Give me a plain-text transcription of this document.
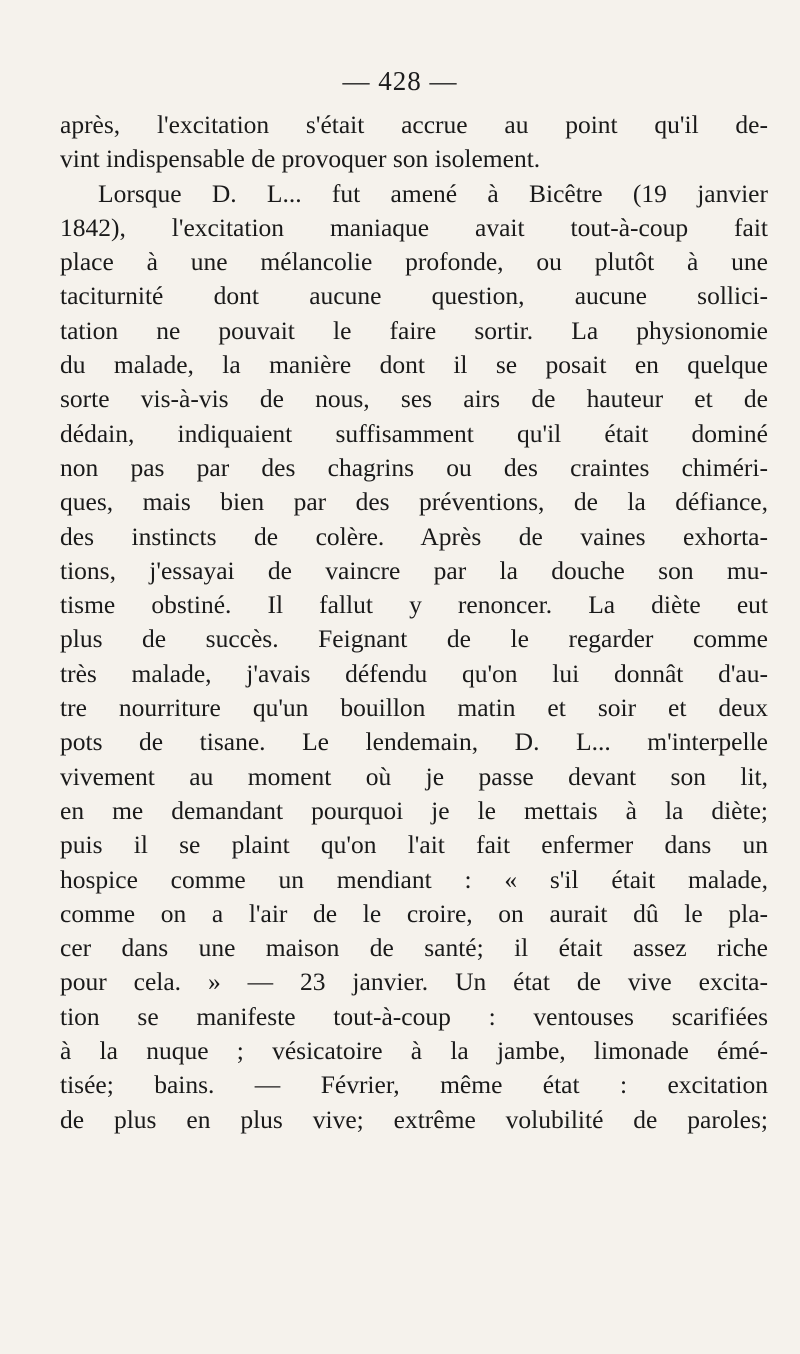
— 428 —
après, l'excitation s'était accrue au point qu'il de-
vint indispensable de provoquer son isolement.
Lorsque D. L... fut amené à Bicêtre (19 janvier
1842), l'excitation maniaque avait tout-à-coup fait
place à une mélancolie profonde, ou plutôt à une
taciturnité dont aucune question, aucune sollici-
tation ne pouvait le faire sortir. La physionomie
du malade, la manière dont il se posait en quelque
sorte vis-à-vis de nous, ses airs de hauteur et de
dédain, indiquaient suffisamment qu'il était dominé
non pas par des chagrins ou des craintes chiméri-
ques, mais bien par des préventions, de la défiance,
des instincts de colère. Après de vaines exhorta-
tions, j'essayai de vaincre par la douche son mu-
tisme obstiné. Il fallut y renoncer. La diète eut
plus de succès. Feignant de le regarder comme
très malade, j'avais défendu qu'on lui donnât d'au-
tre nourriture qu'un bouillon matin et soir et deux
pots de tisane. Le lendemain, D. L... m'interpelle
vivement au moment où je passe devant son lit,
en me demandant pourquoi je le mettais à la diète;
puis il se plaint qu'on l'ait fait enfermer dans un
hospice comme un mendiant : « s'il était malade,
comme on a l'air de le croire, on aurait dû le pla-
cer dans une maison de santé; il était assez riche
pour cela. » — 23 janvier. Un état de vive excita-
tion se manifeste tout-à-coup : ventouses scarifiées
à la nuque ; vésicatoire à la jambe, limonade émé-
tisée; bains. — Février, même état : excitation
de plus en plus vive; extrême volubilité de paroles;
